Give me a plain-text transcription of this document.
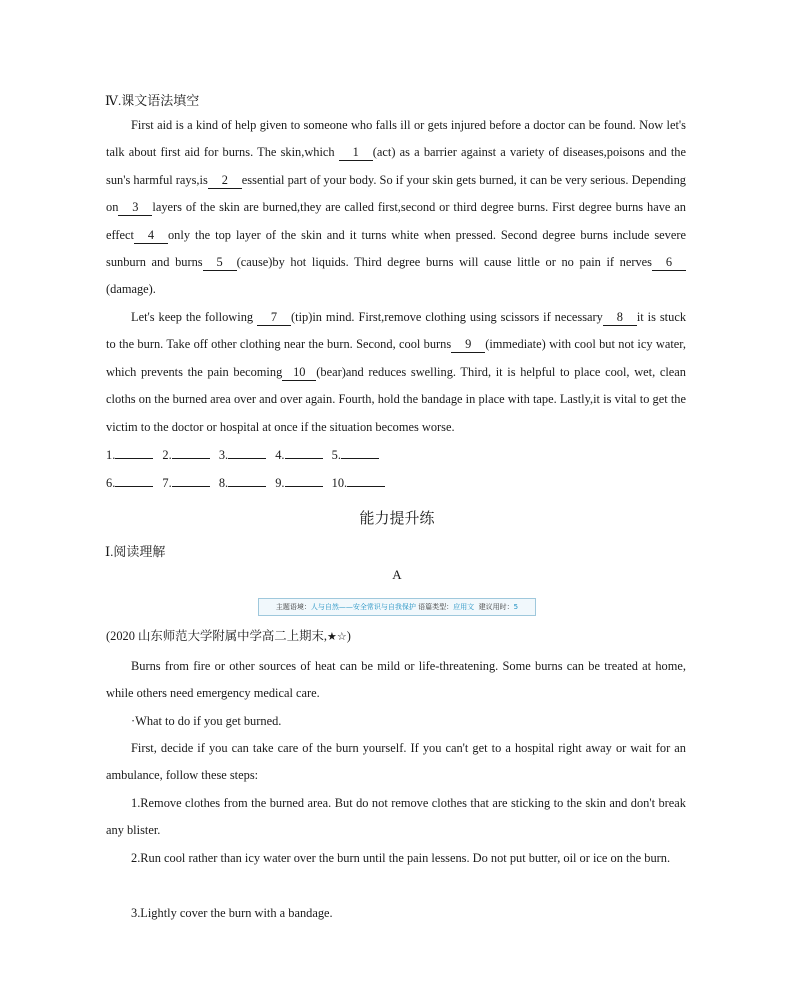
Ⅳ.课文语法填空

First aid is a kind of help given to someone who falls ill or gets injured before a doctor can be found. Now let's talk about first aid for burns. The skin,which 1 (act) as a barrier against a variety of diseases,poisons and the sun's harmful rays,is 2 essential part of your body. So if your skin gets burned, it can be very serious. Depending on 3 layers of the skin are burned,they are called first,second or third degree burns. First degree burns have an effect 4 only the top layer of the skin and it turns white when pressed. Second degree burns include severe sunburn and burns 5 (cause)by hot liquids. Third degree burns will cause little or no pain if nerves 6(damage).

Let's keep the following 7 (tip)in mind. First,remove clothing using scissors if necessary 8 it is stuck to the burn. Take off other clothing near the burn. Second, cool burns 9 (immediate) with cool but not icy water, which prevents the pain becoming 10 (bear)and reduces swelling. Third, it is helpful to place cool, wet, clean cloths on the burned area over and over again. Fourth, hold the bandage in place with tape. Lastly,it is vital to get the victim to the doctor or hospital at once if the situation becomes worse.

1.	2.	3.	4.	5.

6.	7.	8.	9.	10.

能力提升练

Ⅰ.阅读理解

A

主题语境：人与自然——安全常识与自我保护 语篇类型：应用文 建议用时：5

(2020 山东师范大学附属中学高二上期末,★☆)

Burns from fire or other sources of heat can be mild or life-threatening. Some burns can be treated at home, while others need emergency medical care.

·What to do if you get burned.

First, decide if you can take care of the burn yourself. If you can't get to a hospital right away or wait for an ambulance, follow these steps:

1.Remove clothes from the burned area. But do not remove clothes that are sticking to the skin and don't break any blister.

2.Run cool rather than icy water over the burn until the pain lessens. Do not put butter, oil or ice on the burn.

3.Lightly cover the burn with a bandage.
